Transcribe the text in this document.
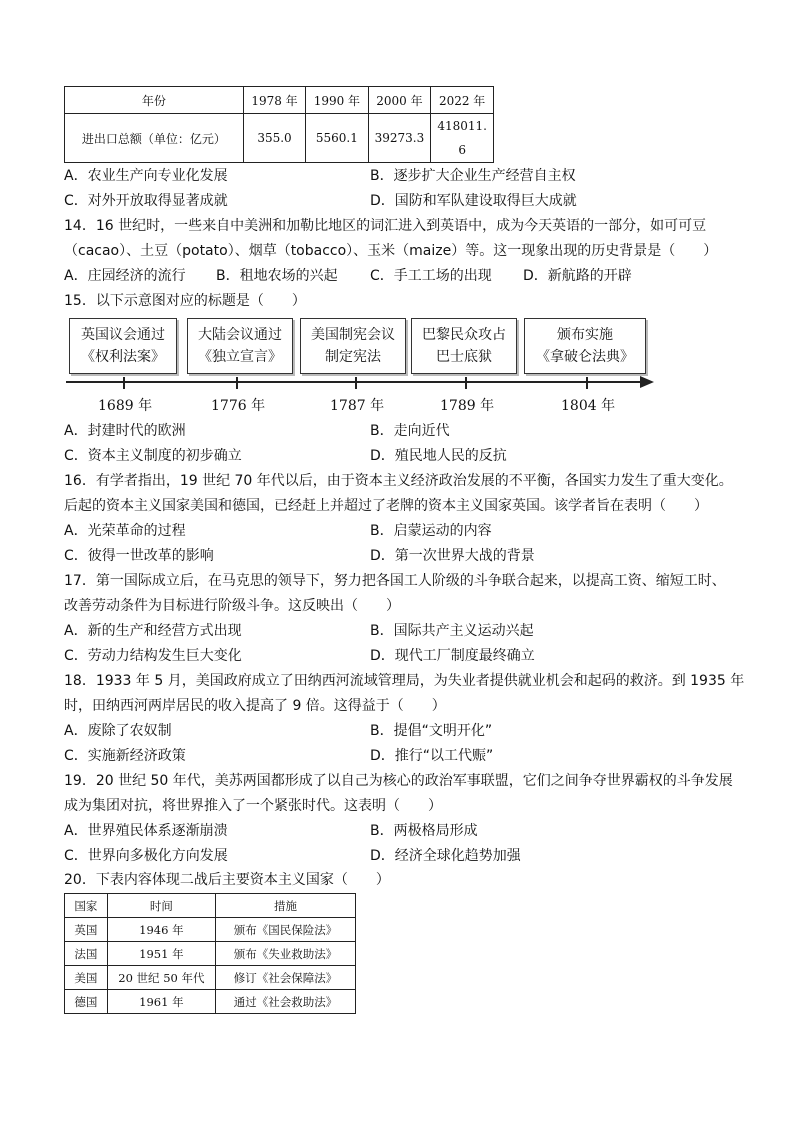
年份	1978 年	1990 年	2000 年	2022 年
进出口总额（单位：亿元）	355.0	5560.1	39273.3	418011.
6
A．农业生产向专业化发展	B．逐步扩大企业生产经营自主权
C．对外开放取得显著成就	D．国防和军队建设取得巨大成就
14．16 世纪时，一些来自中美洲和加勒比地区的词汇进入到英语中，成为今天英语的一部分，如可可豆
（cacao）、土豆（potato）、烟草（tobacco）、玉米（maize）等。这一现象出现的历史背景是（　　）
A．庄园经济的流行 B．租地农场的兴起 C．手工工场的出现 D．新航路的开辟
15．以下示意图对应的标题是（　　）
英国议会通过
《权利法案》
大陆会议通过
《独立宣言》
美国制宪会议
制定宪法
巴黎民众攻占
巴士底狱
颁布实施
《拿破仑法典》
1689 年	1776 年	1787 年	1789 年	1804 年
A．封建时代的欧洲	B．走向近代
C．资本主义制度的初步确立	D．殖民地人民的反抗
16．有学者指出，19 世纪 70 年代以后，由于资本主义经济政治发展的不平衡，各国实力发生了重大变化。
后起的资本主义国家美国和德国，已经赶上并超过了老牌的资本主义国家英国。该学者旨在表明（　　）
A．光荣革命的过程	B．启蒙运动的内容
C．彼得一世改革的影响	D．第一次世界大战的背景
17．第一国际成立后，在马克思的领导下，努力把各国工人阶级的斗争联合起来，以提高工资、缩短工时、
改善劳动条件为目标进行阶级斗争。这反映出（　　）
A．新的生产和经营方式出现	B．国际共产主义运动兴起
C．劳动力结构发生巨大变化	D．现代工厂制度最终确立
18．1933 年 5 月，美国政府成立了田纳西河流域管理局，为失业者提供就业机会和起码的救济。到 1935 年
时，田纳西河两岸居民的收入提高了 9 倍。这得益于（　　）
A．废除了农奴制	B．提倡“文明开化”
C．实施新经济政策	D．推行“以工代赈”
19．20 世纪 50 年代，美苏两国都形成了以自己为核心的政治军事联盟，它们之间争夺世界霸权的斗争发展
成为集团对抗，将世界推入了一个紧张时代。这表明（　　）
A．世界殖民体系逐渐崩溃	B．两极格局形成
C．世界向多极化方向发展	D．经济全球化趋势加强
20．下表内容体现二战后主要资本主义国家（　　）
国家	时间	措施
英国	1946 年	颁布《国民保险法》
法国	1951 年	颁布《失业救助法》
美国	20 世纪 50 年代	修订《社会保障法》
德国	1961 年	通过《社会救助法》
